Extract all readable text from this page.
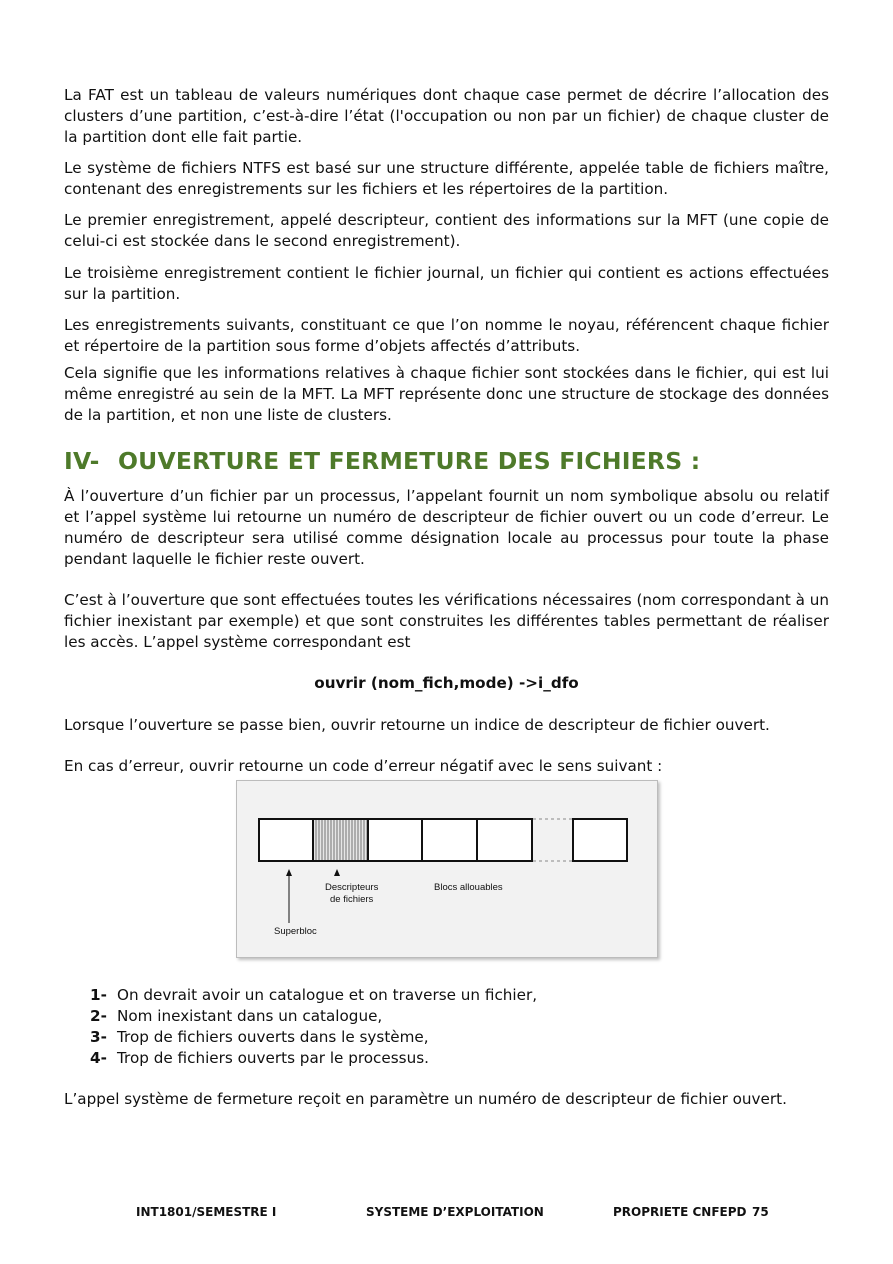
La FAT est un tableau de valeurs numériques dont chaque case permet de décrire l’allocation des clusters d’une partition, c’est-à-dire l’état (l'occupation ou non par un fichier) de chaque cluster de la partition dont elle fait partie.

Le système de fichiers NTFS est basé sur une structure différente, appelée table de fichiers maître, contenant des enregistrements sur les fichiers et les répertoires de la partition.

Le premier enregistrement, appelé descripteur, contient des informations sur la MFT (une copie de celui-ci est stockée dans le second enregistrement).

Le troisième enregistrement contient le fichier journal, un fichier qui contient es actions effectuées sur la partition.

Les enregistrements suivants, constituant ce que l’on nomme le noyau, référencent chaque fichier et répertoire de la partition sous forme d’objets affectés d’attributs.

Cela signifie que les informations relatives à chaque fichier sont stockées dans le fichier, qui est lui même enregistré au sein de la MFT. La MFT représente donc une structure de stockage des données de la partition, et non une liste de clusters.

IV- OUVERTURE ET FERMETURE DES FICHIERS :

À l’ouverture d’un fichier par un processus, l’appelant fournit un nom symbolique absolu ou relatif et l’appel système lui retourne un numéro de descripteur de fichier ouvert ou un code d’erreur. Le numéro de descripteur sera utilisé comme désignation locale au processus pour toute la phase pendant laquelle le fichier reste ouvert.

C’est à l’ouverture que sont effectuées toutes les vérifications nécessaires (nom correspondant à un fichier inexistant par exemple) et que sont construites les différentes tables permettant de réaliser les accès. L’appel système correspondant est

ouvrir (nom_fich,mode) ->i_dfo

Lorsque l’ouverture se passe bien, ouvrir retourne un indice de descripteur de fichier ouvert.

En cas d’erreur, ouvrir retourne un code d’erreur négatif avec le sens suivant :

Descripteurs
de fichiers
Blocs allouables
Superbloc
1- On devrait avoir un catalogue et on traverse un fichier,
2- Nom inexistant dans un catalogue,
3- Trop de fichiers ouverts dans le système,
4- Trop de fichiers ouverts par le processus.

L’appel système de fermeture reçoit en paramètre un numéro de descripteur de fichier ouvert.

INT1801/SEMESTRE I	SYSTEME D’EXPLOITATION	PROPRIETE CNFEPD 75
